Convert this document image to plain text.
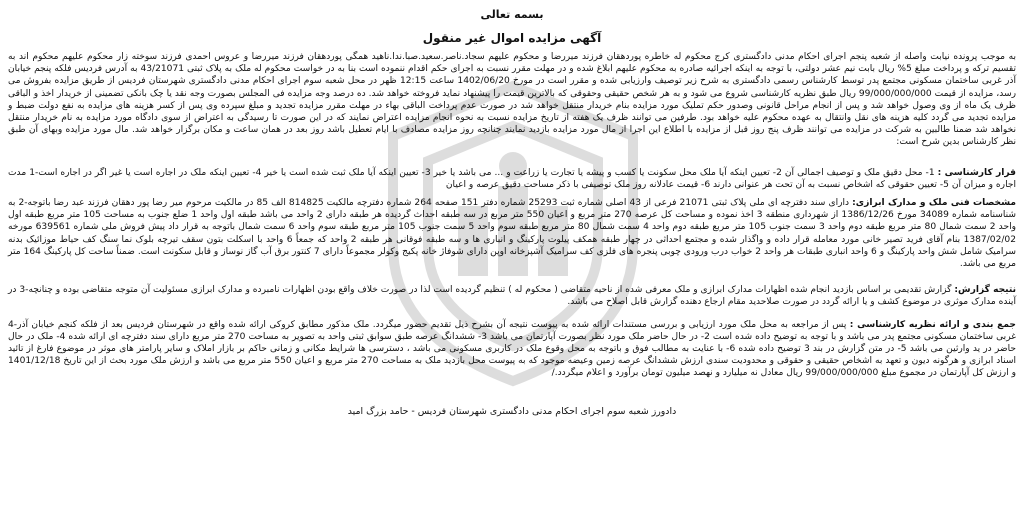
بسمه تعالی
آگهی مزایده اموال غیر منقول

به موجب پرونده نیابت واصله از شعبه پنجم اجرای احکام مدنی دادگستری کرج محکوم له خاطره پوردهقان فرزند میررضا و محکوم علیهم سجاد.ناصر.سعید.صبا.ندا.ناهید همگی پوردهقان فرزند میررضا و عروس احمدی فرزند سوخته زار محکوم علیهم محکوم اند به تقسیم ترکه و پرداخت مبلغ 5% ریال بابت نیم عشر دولتی، با توجه به اینکه اجرائیه صادره به محکوم علیهم ابلاغ شده و در مهلت مقرر نسبت به اجرای حکم اقدام ننموده است بنا به در خواست محکوم له ملک به پلاک ثبتی 43/21071 به آدرس فردیس فلکه پنجم خیابان آذر غربی ساختمان مسکونی مجتمع پدر توسط کارشناس رسمی دادگستری به شرح زیر توصیف وارزیابی شده و مقرر است در مورخ 1402/06/20 ساعت 12:15 ظهر در محل شعبه سوم اجرای احکام مدنی دادگستری شهرستان فردیس از طریق مزایده بفروش می رسد، مزایده از قیمت 99/000/000/000 ریال طبق نظریه کارشناسی شروع می شود و به هر شخص حقیقی وحقوقی که بالاترین قیمت را پیشنهاد نماید فروخته خواهد شد. ده درصد وجه مزایده فی المجلس بصورت وجه نقد یا چک بانکی تضمینی از خریدار اخذ و الباقی ظرف یک ماه از وی وصول خواهد شد و پس از انجام مراحل قانونی وصدور حکم تملیک مورد مزایده بنام خریدار منتقل خواهد شد در صورت عدم پرداخت الباقی بهاء در مهلت مقرر مزایده تجدید و مبلغ سپرده وی پس از کسر هزینه های مزایده به نفع دولت ضبط و مزایده تجدید می گردد کلیه هزینه های نقل وانتقال به عهده محکوم علیه خواهد بود. طرفین می توانند ظرف یک هفته از تاریخ مزایده نسبت به نحوه انجام مزایده اعتراض نمایند که در این صورت تا رسیدگی به اعتراض از سوی دادگاه مورد مزایده به نام خریدار منتقل نخواهد شد ضمنا طالبین به شرکت در مزایده می توانند ظرف پنج روز قبل از مزایده با اطلاع این اجرا از مال مورد مزایده بازدید نمایند چنانچه روز مزایده مصادف با ایام تعطیل باشد روز بعد در همان ساعت و مکان برگزار خواهد شد. مال مورد مزایده وبهای آن طبق نظر کارشناس بدین شرح است:

قرار کارشناسی : 1- محل دقیق ملک و توصیف اجمالی آن 2- تعیین اینکه آیا ملک محل سکونت یا کسب و پیشه یا تجارت یا زراعت و ... می باشد یا خیر 3- تعیین اینکه آیا ملک ثبت شده است یا خیر 4- تعیین اینکه ملک در اجاره است یا غیر اگر در اجاره است-1 مدت اجاره و میزان آن 5- تعیین حقوقی که اشخاص نسبت به آن تحت هر عنوانی دارند 6- قیمت عادلانه روز ملک توصیفی با ذکر مساحت دقیق عرصه و اعیان

مشخصات فنی ملک و مدارک ابرازی: دارای سند دفترچه ای ملی پلاک ثبتی 21071 فرعی از 43 اصلی شماره ثبت 25293 شماره دفتر 151 صفحه 264 شماره دفترچه مالکیت 814825 الف 85 در مالکیت مرحوم میر رضا پور دهقان فرزند عبد رضا باتوجه-2 به شناسنامه شماره 34089 مورخ 1386/12/26 از شهرداری منطقه 3 اخذ نموده و مساحت کل عرصه 270 متر مربع و اعیان 550 متر مربع در سه طبقه احداث گردیده هر طبقه دارای 2 واحد می باشد طبقه اول واحد 1 ضلع جنوب به مساحت 105 متر مربع طبقه اول واحد 2 سمت شمال 80 متر مربع طبقه دوم واحد 3 سمت جنوب 105 متر مربع طبقه دوم واحد 4 سمت شمال 80 متر مربع طبقه سوم واحد 5 سمت جنوب 105 متر مربع طبقه سوم واحد 6 سمت شمال باتوجه به قرار داد پیش فروش ملی شماره 639561 مورخه 1387/02/02 بنام آقای فرید تصیر خانی مورد معامله قرار داده و واگذار شده و مجتمع احداثی در چهار طبقه همکف پیلوت پارکینگ و انباری ها و سه طبقه فوقانی هر طبقه 2 واحد که جمعاً 6 واحد با اسکلت بتون سقف تیرچه بلوک نما سنگ کف حیاط موزائیک بدنه سرامیک شامل شش واحد پارکینگ و 6 واحد انباری طبقات هر واحد 2 خواب درب ورودی چوبی پنجره های فلزی کف سرامیک آشپزخانه اوپن دارای شوفاژ خانه پکیج وکولر مجموعاً دارای 7 کنتور برق آب گاز نوساز و قابل سکونت است. ضمناً ساحت کل پارکینگ 164 متر مربع می باشد.

نتیجه گزارش: گزارش تقدیمی بر اساس بازدید انجام شده اظهارات مدارک ابرازی و ملک معرفی شده از ناحیه متقاضی ( محکوم له ) تنظیم گردیده است لذا در صورت خلاف واقع بودن اظهارات نامبرده و مدارک ابرازی مسئولیت آن متوجه متقاضی بوده و چنانچه-3 در آینده مدارک موثری در موضوع کشف و یا ارائه گردد در صورت صلاحدید مقام ارجاع دهنده گزارش قابل اصلاح می باشد.

جمع بندی و ارائه نظریه کارشناسی : پس از مراجعه به محل ملک مورد ارزیابی و بررسی مستندات ارائه شده به پیوست نتیجه آن بشرح ذیل تقدیم حضور میگردد. ملک مذکور مطابق کروکی ارائه شده واقع در شهرستان فردیس بعد از فلکه کنجم خیابان آذر-4 غربی ساختمان مسکونی مجتمع پدر می باشد و با توجه به توضیح داده شده است 2- در حال حاضر ملک مورد نظر بصورت آپارتمان می باشد 3- ششدانگ عرصه طبق سوابق ثبتی واحد به تصویر به مساحت 270 متر مربع دارای سند دفترچه ای ارائه شده 4- ملک در حال حاضر در ید وارثین می باشد 5- در متن گزارش در بند 3 توضیح داده شده 6- با عنایت به مطالب فوق و باتوجه به محل وقوع ملک در کاربری مسکونی می باشد ، دسترسی ها شرایط مکانی و زمانی حاکم بر بازار املاک و سایر پارامتر های موثر در موضوع فارغ از تائید اسناد ابرازی و هرگونه دیون و تعهد به اشخاص حقیقی و حقوقی و محدودیت سندی ارزش ششدانگ عرصه زمین وعیضه موجود که به پیوست محل بازدید ملک به مساحت 270 متر مربع و اعیان 550 متر مربع می باشد و ارزش ملک مورد بحث از این تاریخ 1401/12/18 و ارزش کل آپارتمان در مجموع مبلغ 99/000/000/000 ریال معادل نه میلیارد و نهصد میلیون تومان برآورد و اعلام میگردد./

دادورز شعبه سوم اجرای احکام مدنی دادگستری شهرستان فردیس - حامد بزرگ امید
